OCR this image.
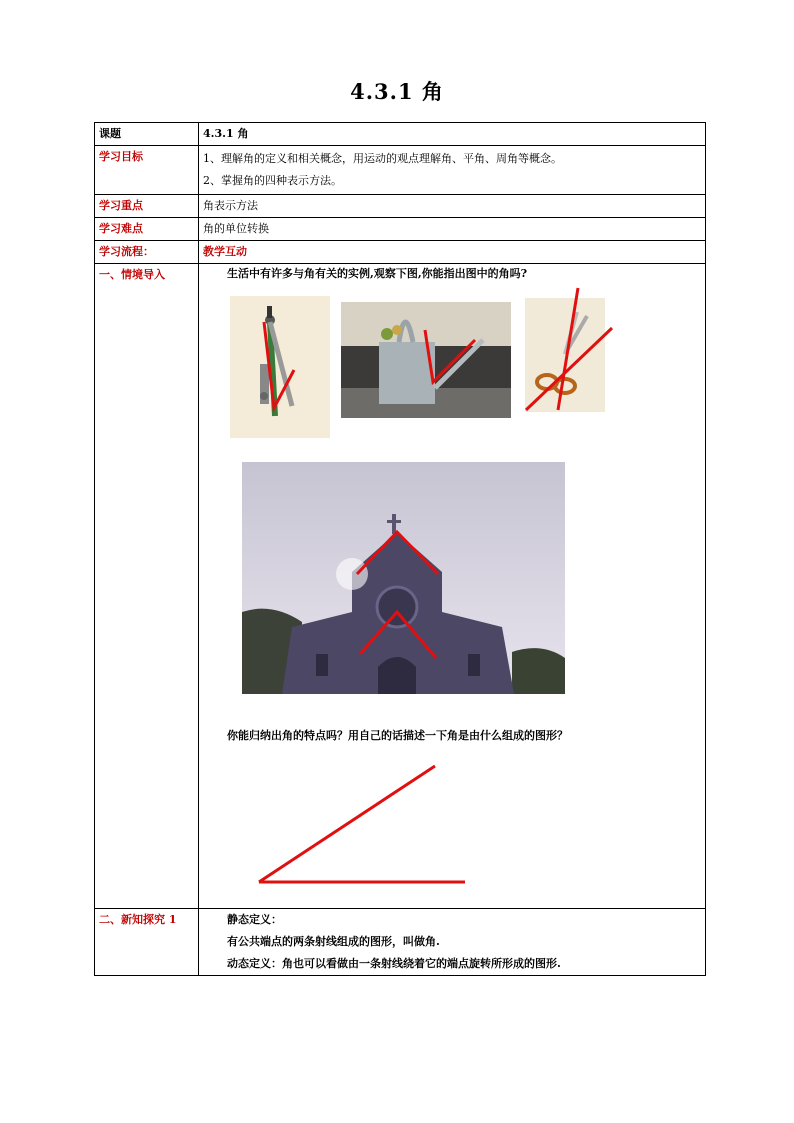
4.3.1 角
课题	4.3.1 角
学习目标	1、理解角的定义和相关概念，用运动的观点理解角、平角、周角等概念。
2、掌握角的四种表示方法。

学习重点	角表示方法
学习难点	角的单位转换
学习流程：	教学互动
一、情境导入	生活中有许多与角有关的实例,观察下图,你能指出图中的角吗?
你能归纳出角的特点吗？用自己的话描述一下角是由什么组成的图形？

二、新知探究 1	静态定义：
有公共端点的两条射线组成的图形，叫做角.
动态定义：角也可以看做由一条射线绕着它的端点旋转所形成的图形.
